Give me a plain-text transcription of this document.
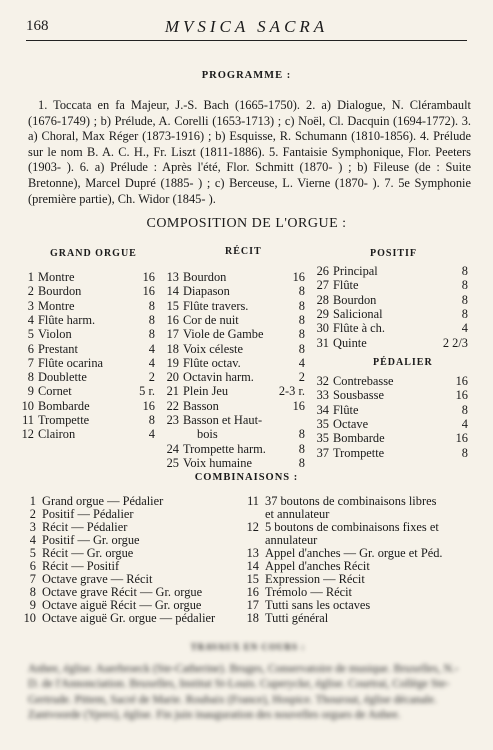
168	MVSICA SACRA
PROGRAMME :
1. Toccata en fa Majeur, J.-S. Bach (1665-1750). 2. a) Dialogue, N. Clérambault (1676-1749) ; b) Prélude, A. Corelli (1653-1713) ; c) Noël, Cl. Dacquin (1694-1772). 3. a) Choral, Max Réger (1873-1916) ; b) Esquisse, R. Schumann (1810-1856). 4. Prélude sur le nom B. A. C. H., Fr. Liszt (1811-1886). 5. Fantaisie Symphonique, Flor. Peeters (1903- ). 6. a) Prélude : Après l'été, Flor. Schmitt (1870- ) ; b) Fileuse (de : Suite Bretonne), Marcel Dupré (1885- ) ; c) Berceuse, L. Vierne (1870- ). 7. 5e Symphonie (première partie), Ch. Widor (1845- ).
COMPOSITION DE L'ORGUE :
GRAND ORGUE	RÉCIT	POSITIF
PÉDALIER
1 Montre	16
2 Bourdon	16
3 Montre	8
4 Flûte harm.	8
5 Violon	8
6 Prestant	4
7 Flûte ocarina	4
8 Doublette	2
9 Cornet	5 r.
10 Bombarde	16
11 Trompette	8
12 Clairon	4
13 Bourdon	16
14 Diapason	8
15 Flûte travers.	8
16 Cor de nuit	8
17 Viole de Gambe	8
18 Voix céleste	8
19 Flûte octav.	4
20 Octavin harm.	2
21 Plein Jeu	2-3 r.
22 Basson	16
23 Basson et Haut-
bois	8
24 Trompette harm.	8
25 Voix humaine	8
26 Principal	8
27 Flûte	8
28 Bourdon	8
29 Salicional	8
30 Flûte à ch.	4
31 Quinte	2 2/3
32 Contrebasse	16
33 Sousbasse	16
34 Flûte	8
35 Octave	4
35 Bombarde	16
37 Trompette	8
COMBINAISONS :
1 Grand orgue — Pédalier
2 Positif — Pédalier
3 Récit — Pédalier
4 Positif — Gr. orgue
5 Récit — Gr. orgue
6 Récit — Positif
7 Octave grave — Récit
8 Octave grave Récit — Gr. orgue
9 Octave aiguë Récit — Gr. orgue
10 Octave aiguë Gr. orgue — pédalier
11 37 boutons de combinaisons libres
et annulateur
12 5 boutons de combinaisons fixes et
annulateur
13 Appel d'anches — Gr. orgue et Péd.
14 Appel d'anches Récit
15 Expression — Récit
16 Trémolo — Récit
17 Tutti sans les octaves
18 Tutti général
TRAVAUX EN COURS :
Anhee, église. Auerbroeck (Ste-Catherine). Bruges, Conservatoire de musique. Bruxelles, N.-D. de l'Annonciation. Bruxelles, Institut St-Louis. Cuperycke, église. Courtrai, Collège Ste-Gertrude. Pittem, Sacré de Marie. Roubaix (France), Hospice. Thourout, église décanale. Zantvoorde (Ypres), église. Fin juin inauguration des nouvelles orgues de Anhee.
